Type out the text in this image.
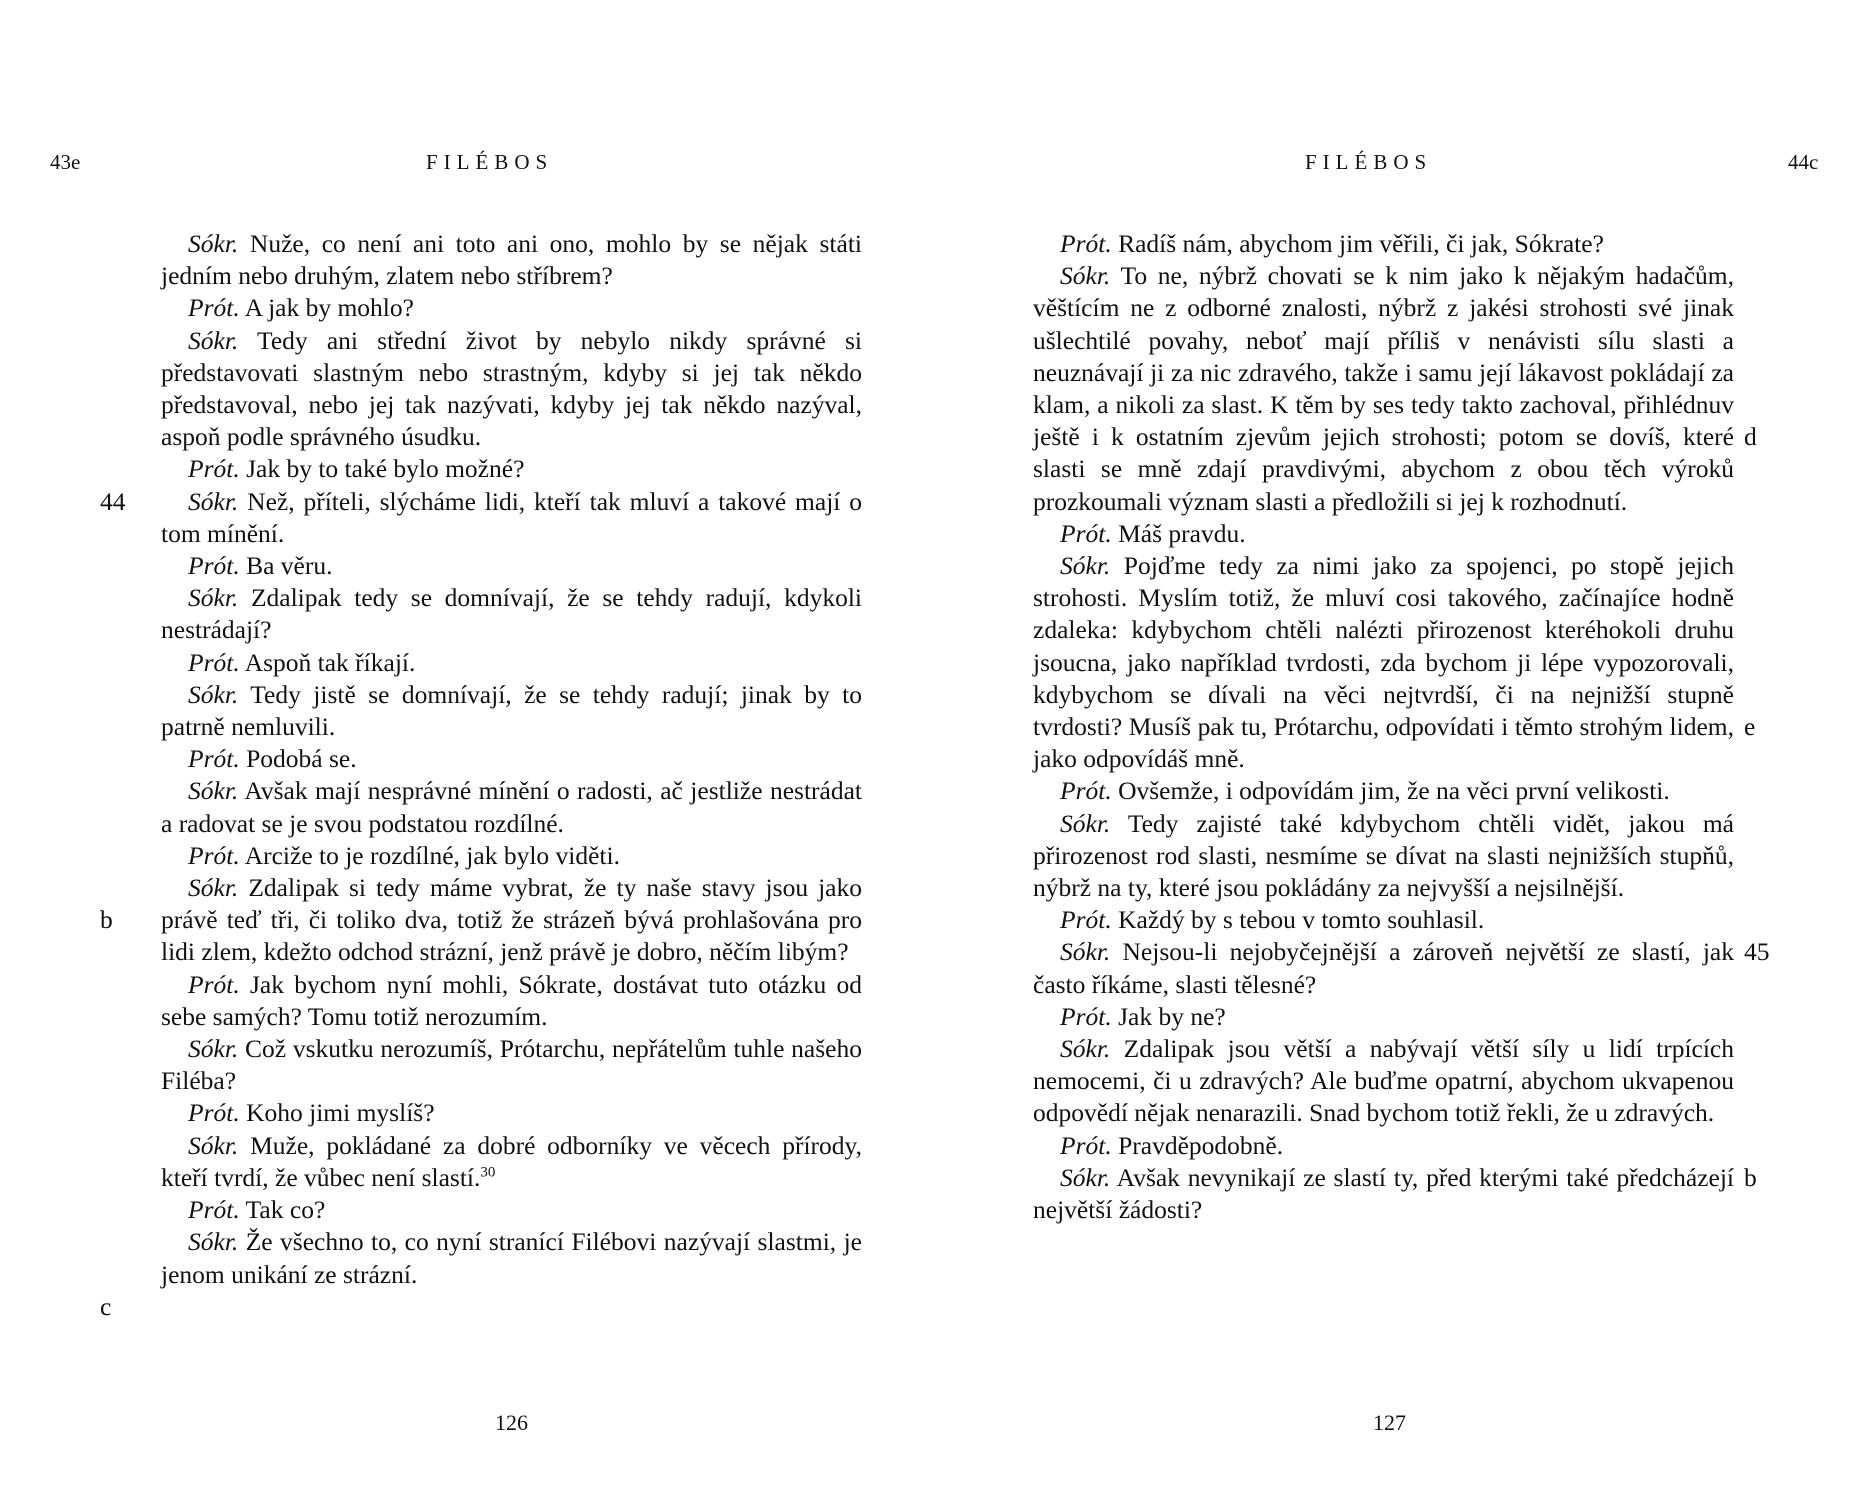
43e	FILÉBOS
44
b
c

Sókr. Nuže, co není ani toto ani ono, mohlo by se nějak státi jedním nebo druhým, zlatem nebo stříbrem?

Prót. A jak by mohlo?

Sókr. Tedy ani střední život by nebylo nikdy správné si představovati slastným nebo strastným, kdyby si jej tak někdo představoval, nebo jej tak nazývati, kdyby jej tak někdo nazýval, aspoň podle správného úsudku.

Prót. Jak by to také bylo možné?

Sókr. Než, příteli, slýcháme lidi, kteří tak mluví a takové mají o tom mínění.

Prót. Ba věru.

Sókr. Zdalipak tedy se domnívají, že se tehdy radují, kdykoli nestrádají?

Prót. Aspoň tak říkají.

Sókr. Tedy jistě se domnívají, že se tehdy radují; jinak by to patrně nemluvili.

Prót. Podobá se.

Sókr. Avšak mají nesprávné mínění o radosti, ač jestliže nestrádat a radovat se je svou podstatou rozdílné.

Prót. Arciže to je rozdílné, jak bylo viděti.

Sókr. Zdalipak si tedy máme vybrat, že ty naše stavy jsou jako právě teď tři, či toliko dva, totiž že strázeň bývá prohlašována pro lidi zlem, kdežto odchod strázní, jenž právě je dobro, něčím libým?

Prót. Jak bychom nyní mohli, Sókrate, dostávat tuto otázku od sebe samých? Tomu totiž nerozumím.

Sókr. Což vskutku nerozumíš, Prótarchu, nepřátelům tuhle našeho Filéba?

Prót. Koho jimi myslíš?

Sókr. Muže, pokládané za dobré odborníky ve věcech přírody, kteří tvrdí, že vůbec není slastí.$^{30}$

Prót. Tak co?

Sókr. Že všechno to, co nyní stranící Filébovi nazývají slastmi, je jenom unikání ze strázní.

126
FILÉBOS	44c
d
e
45
b

Prót. Radíš nám, abychom jim věřili, či jak, Sókrate?

Sókr. To ne, nýbrž chovati se k nim jako k nějakým hadačům, věštícím ne z odborné znalosti, nýbrž z jakési strohosti své jinak ušlechtilé povahy, neboť mají příliš v nenávisti sílu slasti a neuznávají ji za nic zdravého, takže i samu její lákavost pokládají za klam, a nikoli za slast. K těm by ses tedy takto zachoval, přihlédnuv ještě i k ostatním zjevům jejich strohosti; potom se dovíš, které slasti se mně zdají pravdivými, abychom z obou těch výroků prozkoumali význam slasti a předložili si jej k rozhodnutí.

Prót. Máš pravdu.

Sókr. Pojďme tedy za nimi jako za spojenci, po stopě jejich strohosti. Myslím totiž, že mluví cosi takového, začínajíce hodně zdaleka: kdybychom chtěli nalézti přirozenost kteréhokoli druhu jsoucna, jako například tvrdosti, zda bychom ji lépe vypozorovali, kdybychom se dívali na věci nejtvrdší, či na nejnižší stupně tvrdosti? Musíš pak tu, Prótarchu, odpovídati i těmto strohým lidem, jako odpovídáš mně.

Prót. Ovšemže, i odpovídám jim, že na věci první velikosti.

Sókr. Tedy zajisté také kdybychom chtěli vidět, jakou má přirozenost rod slasti, nesmíme se dívat na slasti nejnižších stupňů, nýbrž na ty, které jsou pokládány za nejvyšší a nejsilnější.

Prót. Každý by s tebou v tomto souhlasil.

Sókr. Nejsou-li nejobyčejnější a zároveň největší ze slastí, jak často říkáme, slasti tělesné?

Prót. Jak by ne?

Sókr. Zdalipak jsou větší a nabývají větší síly u lidí trpících nemocemi, či u zdravých? Ale buďme opatrní, abychom ukvapenou odpovědí nějak nenarazili. Snad bychom totiž řekli, že u zdravých.

Prót. Pravděpodobně.

Sókr. Avšak nevynikají ze slastí ty, před kterými také předcházejí největší žádosti?

127
